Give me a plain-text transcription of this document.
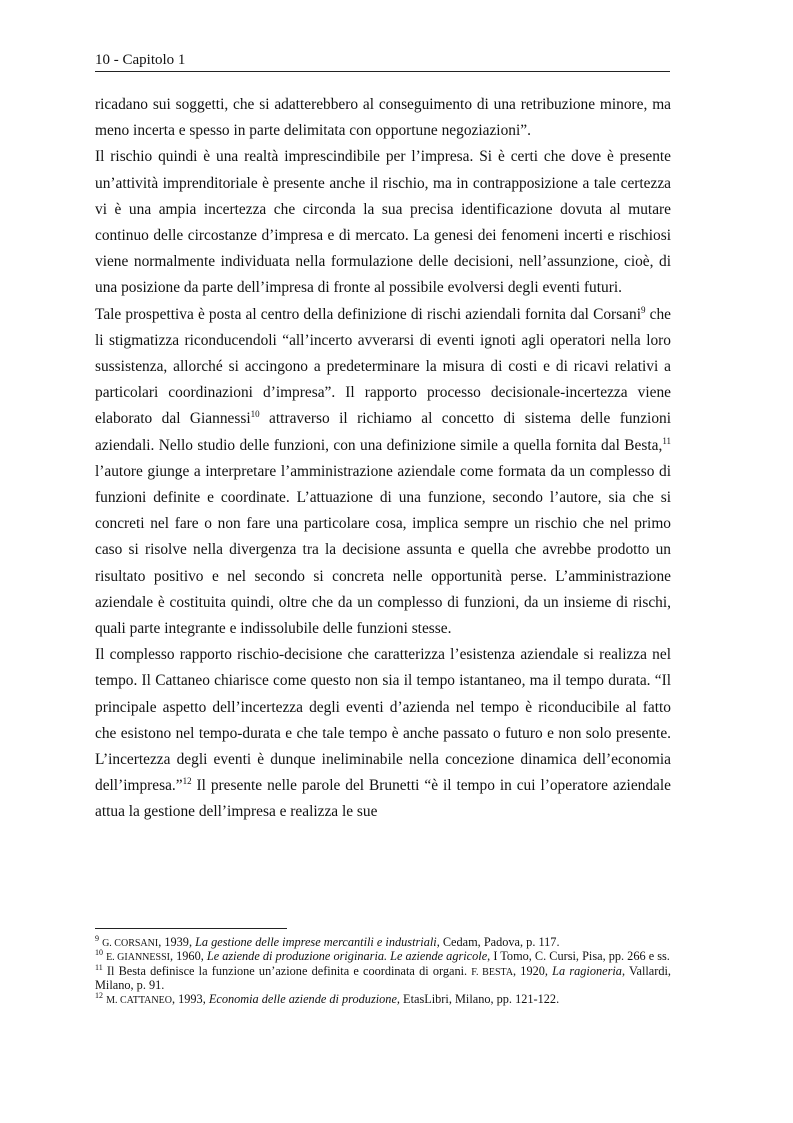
10 - Capitolo 1

ricadano sui soggetti, che si adatterebbero al conseguimento di una retribuzione minore, ma meno incerta e spesso in parte delimitata con opportune negoziazioni”.

Il rischio quindi è una realtà imprescindibile per l’impresa. Si è certi che dove è presente un’attività imprenditoriale è presente anche il rischio, ma in contrapposizione a tale certezza vi è una ampia incertezza che circonda la sua precisa identificazione dovuta al mutare continuo delle circostanze d’impresa e di mercato. La genesi dei fenomeni incerti e rischiosi viene normalmente individuata nella formulazione delle decisioni, nell’assunzione, cioè, di una posizione da parte dell’impresa di fronte al possibile evolversi degli eventi futuri.

Tale prospettiva è posta al centro della definizione di rischi aziendali fornita dal Corsani$^9$ che li stigmatizza riconducendoli “all’incerto avverarsi di eventi ignoti agli operatori nella loro sussistenza, allorché si accingono a predeterminare la misura di costi e di ricavi relativi a particolari coordinazioni d’impresa”. Il rapporto processo decisionale-incertezza viene elaborato dal Giannessi$^{10}$ attraverso il richiamo al concetto di sistema delle funzioni aziendali. Nello studio delle funzioni, con una definizione simile a quella fornita dal Besta,$^{11}$ l’autore giunge a interpretare l’amministrazione aziendale come formata da un complesso di funzioni definite e coordinate. L’attuazione di una funzione, secondo l’autore, sia che si concreti nel fare o non fare una particolare cosa, implica sempre un rischio che nel primo caso si risolve nella divergenza tra la decisione assunta e quella che avrebbe prodotto un risultato positivo e nel secondo si concreta nelle opportunità perse. L’amministrazione aziendale è costituita quindi, oltre che da un complesso di funzioni, da un insieme di rischi, quali parte integrante e indissolubile delle funzioni stesse.

Il complesso rapporto rischio-decisione che caratterizza l’esistenza aziendale si realizza nel tempo. Il Cattaneo chiarisce come questo non sia il tempo istantaneo, ma il tempo durata. “Il principale aspetto dell’incertezza degli eventi d’azienda nel tempo è riconducibile al fatto che esistono nel tempo-durata e che tale tempo è anche passato o futuro e non solo presente. L’incertezza degli eventi è dunque ineliminabile nella concezione dinamica dell’economia dell’impresa.”$^{12}$ Il presente nelle parole del Brunetti “è il tempo in cui l’operatore aziendale attua la gestione dell’impresa e realizza le sue

$^9$ G. CORSANI, 1939, La gestione delle imprese mercantili e industriali, Cedam, Padova, p. 117.

$^{10}$ E. GIANNESSI, 1960, Le aziende di produzione originaria. Le aziende agricole, I Tomo, C. Cursi, Pisa, pp. 266 e ss.

$^{11}$ Il Besta definisce la funzione un’azione definita e coordinata di organi. F. BESTA, 1920, La ragioneria, Vallardi, Milano, p. 91.

$^{12}$ M. CATTANEO, 1993, Economia delle aziende di produzione, EtasLibri, Milano, pp. 121-122.
